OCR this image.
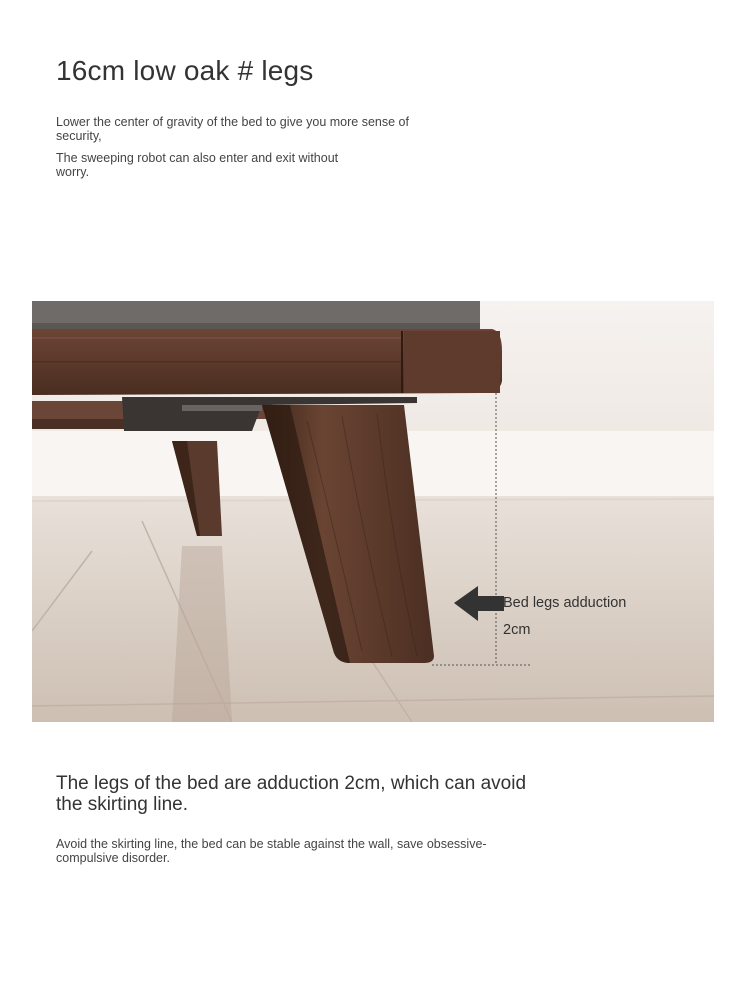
16cm low oak # legs

Lower the center of gravity of the bed to give you more sense of security,

The sweeping robot can also enter and exit without worry.

Bed legs adduction
2cm
The legs of the bed are adduction 2cm, which can avoid the skirting line.

Avoid the skirting line, the bed can be stable against the wall, save obsessive-compulsive disorder.
